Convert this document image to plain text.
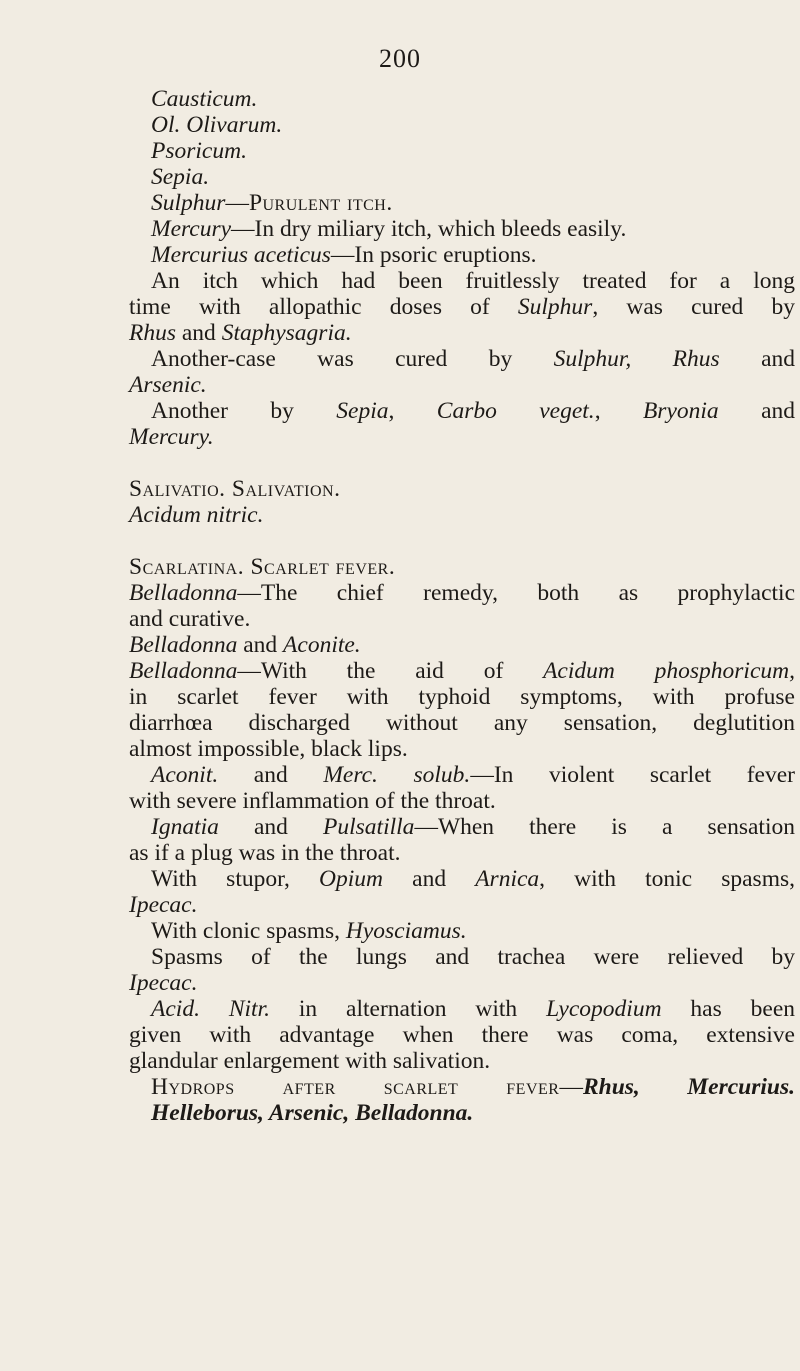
200
Causticum.
Ol. Olivarum.
Psoricum.
Sepia.
Sulphur—Purulent itch.
Mercury—In dry miliary itch, which bleeds easily.
Mercurius aceticus—In psoric eruptions.
An itch which had been fruitlessly treated for a long
time with allopathic doses of Sulphur, was cured by
Rhus and Staphysagria.
Another-case was cured by Sulphur, Rhus and
Arsenic.
Another by Sepia, Carbo veget., Bryonia and
Mercury.
Salivatio. Salivation.
Acidum nitric.
Scarlatina. Scarlet fever.
Belladonna—The chief remedy, both as prophylactic
and curative.
Belladonna and Aconite.
Belladonna—With the aid of Acidum phosphoricum,
in scarlet fever with typhoid symptoms, with profuse
diarrhœa discharged without any sensation, deglutition
almost impossible, black lips.
Aconit. and Merc. solub.—In violent scarlet fever
with severe inflammation of the throat.
Ignatia and Pulsatilla—When there is a sensation
as if a plug was in the throat.
With stupor, Opium and Arnica, with tonic spasms,
Ipecac.
With clonic spasms, Hyosciamus.
Spasms of the lungs and trachea were relieved by
Ipecac.
Acid. Nitr. in alternation with Lycopodium has been
given with advantage when there was coma, extensive
glandular enlargement with salivation.
Hydrops after scarlet fever—Rhus, Mercurius.
Helleborus, Arsenic, Belladonna.
